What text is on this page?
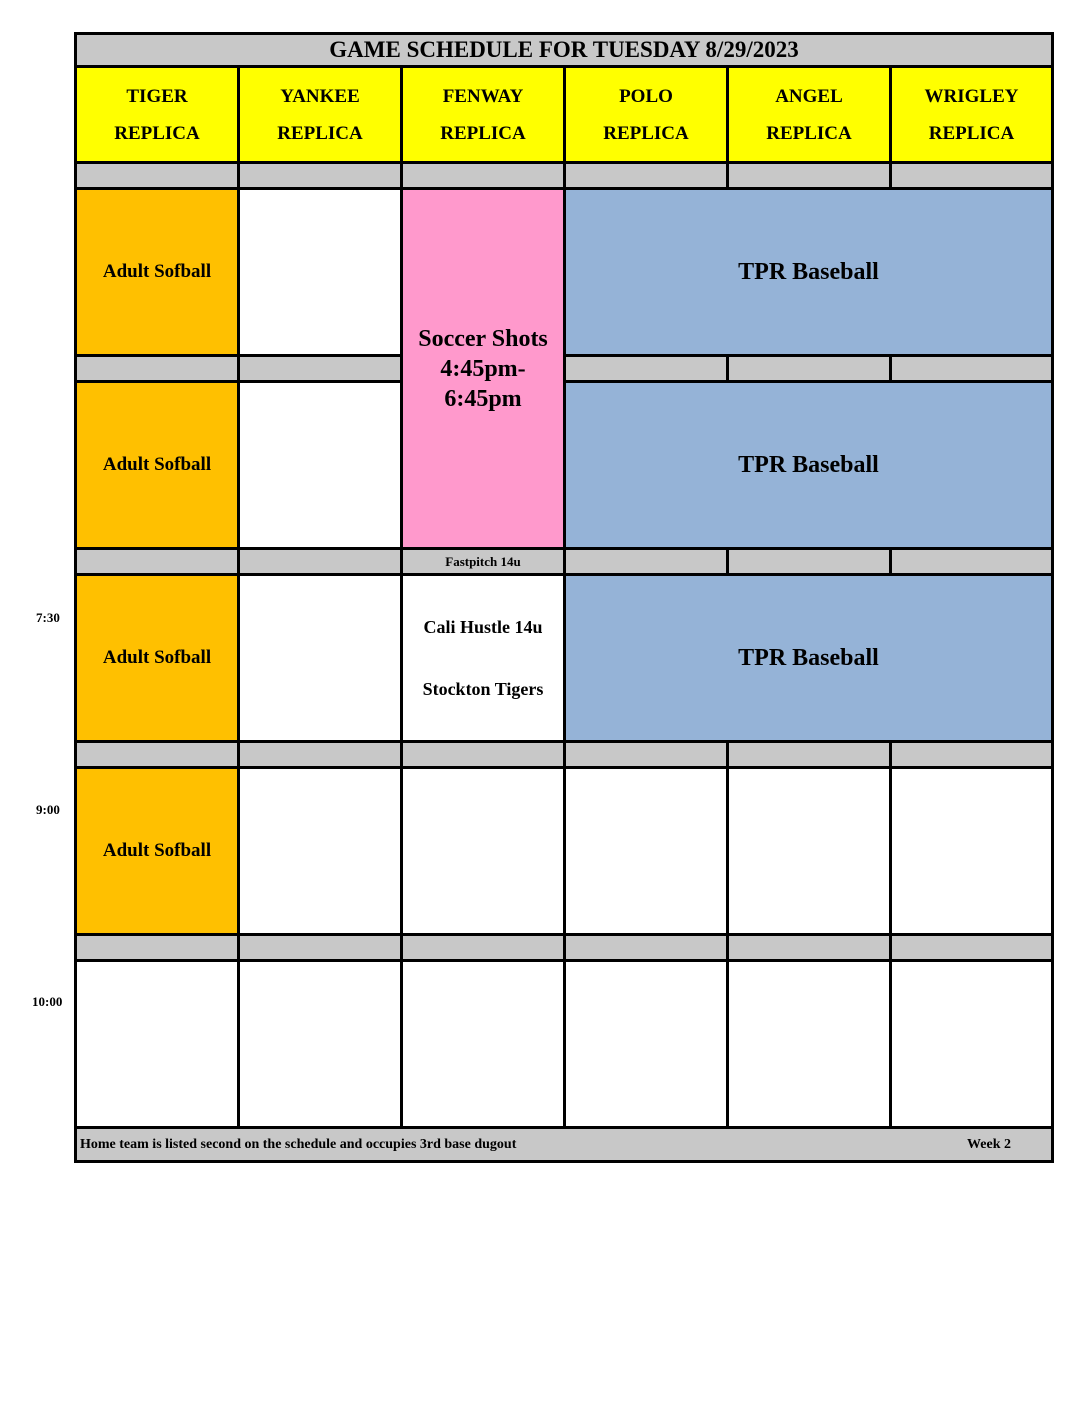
7:30
9:00
10:00
GAME SCHEDULE FOR TUESDAY 8/29/2023
TIGER
REPLICA
YANKEE
REPLICA
FENWAY
REPLICA
POLO
REPLICA
ANGEL
REPLICA
WRIGLEY
REPLICA
Adult Sofball
Soccer Shots
4:45pm-
6:45pm
TPR Baseball
Adult Sofball	TPR Baseball
Fastpitch 14u
Adult Sofball
Cali Hustle 14u
Stockton Tigers
TPR Baseball
Adult Sofball
Home team is listed second on the schedule and occupies 3rd base dugout	Week 2
